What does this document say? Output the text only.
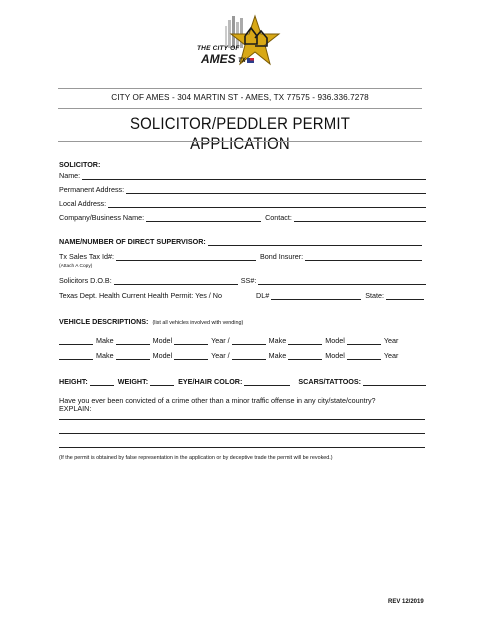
THE CITY OF
AMES TX
CITY OF AMES - 304 MARTIN ST - AMES, TX 77575 - 936.336.7278
SOLICITOR/PEDDLER PERMIT APPLICATION
SOLICITOR:
Name:
Permanent Address:
Local Address:
Company/Business Name:	Contact:
NAME/NUMBER OF DIRECT SUPERVISOR:
Tx Sales Tax Id#:	Bond Insurer:
(Attach A Copy)
Solicitors D.O.B:	SS#:
Texas Dept. Health Current Health Permit: Yes / No	DL#	State:
VEHICLE DESCRIPTIONS: (list all vehicles involved with vending)
Make	Model	Year /	Make	Model	Year
Make	Model	Year /	Make	Model	Year
HEIGHT:	WEIGHT:	EYE/HAIR COLOR:	SCARS/TATTOOS:
Have you ever been convicted of a crime other than a minor traffic offense in any city/state/country?
EXPLAIN:
(If the permit is obtained by false representation in the application or by deceptive trade the permit will be revoked.)
REV 12/2019
